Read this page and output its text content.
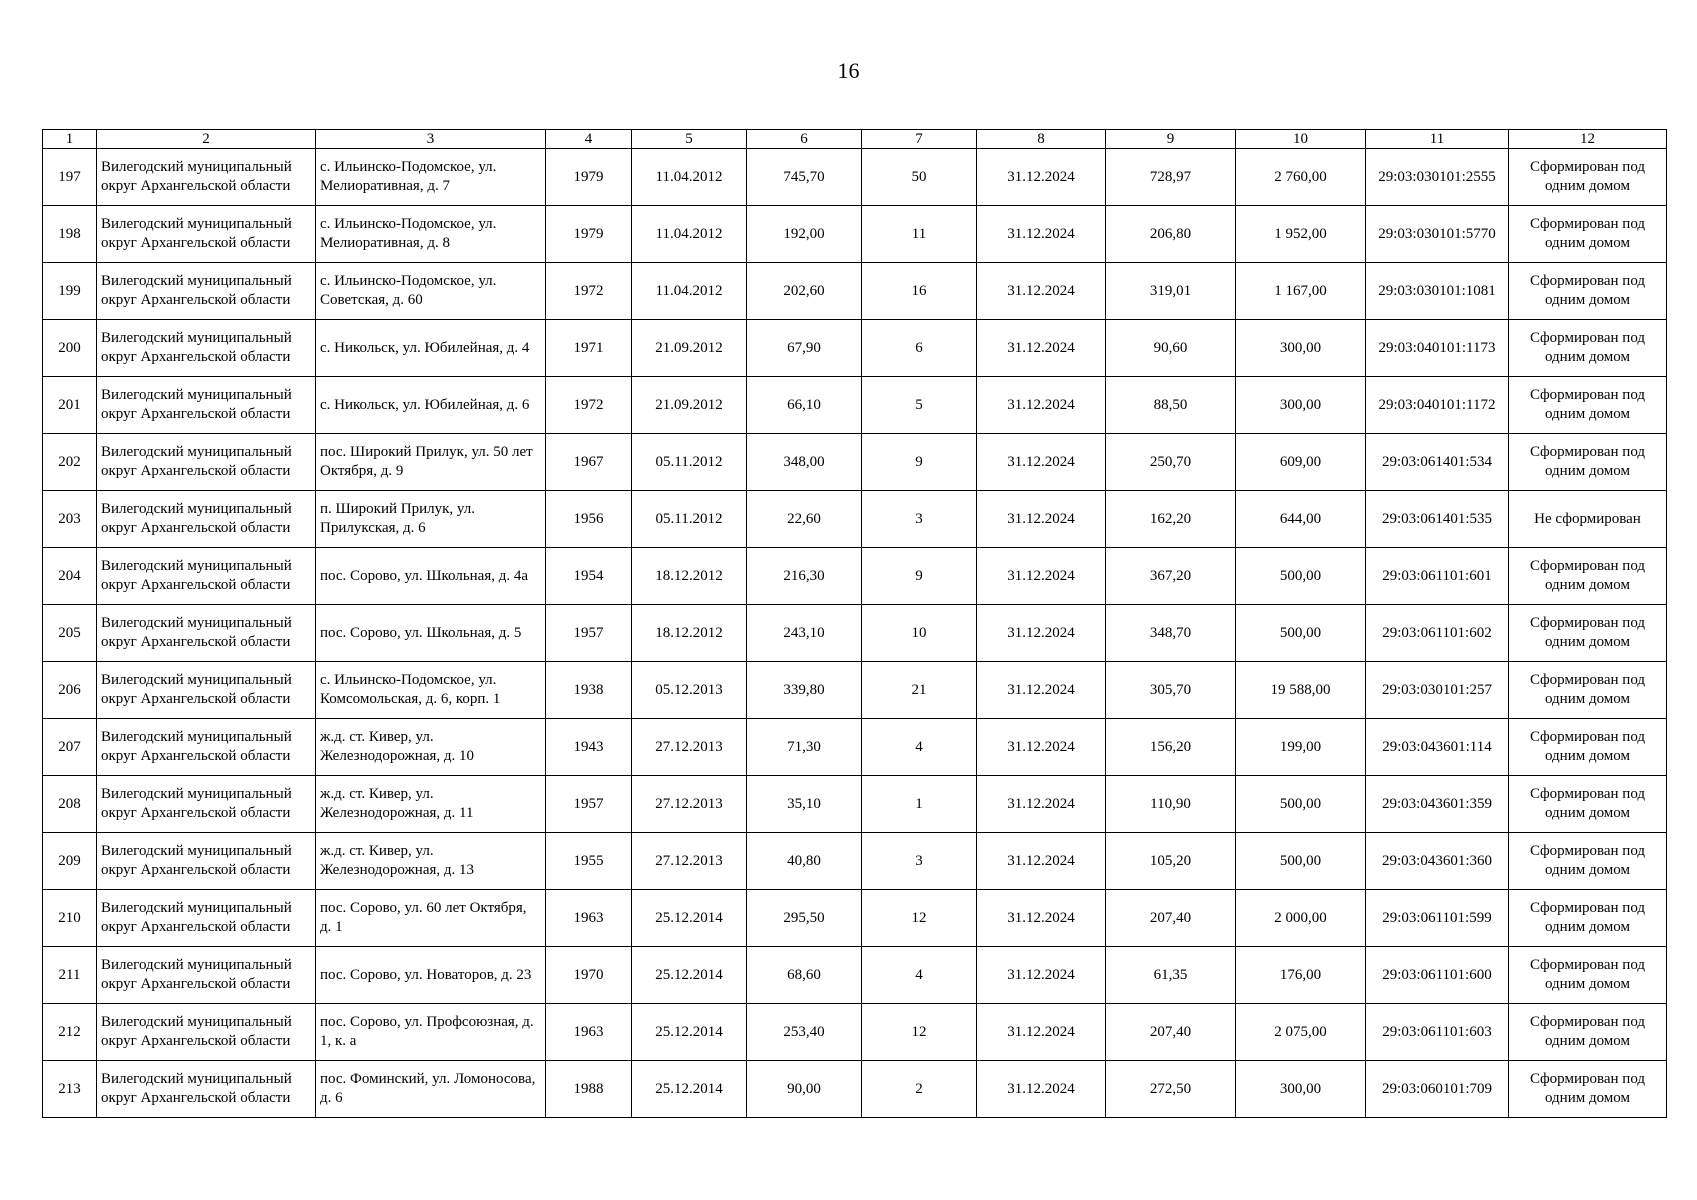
16
1	2	3	4	5	6	7	8	9	10	11	12
197	Вилегодский муниципальный округ Архангельской области	с. Ильинско-Подомское, ул. Мелиоративная, д. 7	1979	11.04.2012	745,70	50	31.12.2024	728,97	2 760,00	29:03:030101:2555	Сформирован под одним домом
198	Вилегодский муниципальный округ Архангельской области	с. Ильинско-Подомское, ул. Мелиоративная, д. 8	1979	11.04.2012	192,00	11	31.12.2024	206,80	1 952,00	29:03:030101:5770	Сформирован под одним домом
199	Вилегодский муниципальный округ Архангельской области	с. Ильинско-Подомское, ул. Советская, д. 60	1972	11.04.2012	202,60	16	31.12.2024	319,01	1 167,00	29:03:030101:1081	Сформирован под одним домом
200	Вилегодский муниципальный округ Архангельской области	с. Никольск, ул. Юбилейная, д. 4	1971	21.09.2012	67,90	6	31.12.2024	90,60	300,00	29:03:040101:1173	Сформирован под одним домом
201	Вилегодский муниципальный округ Архангельской области	с. Никольск, ул. Юбилейная, д. 6	1972	21.09.2012	66,10	5	31.12.2024	88,50	300,00	29:03:040101:1172	Сформирован под одним домом
202	Вилегодский муниципальный округ Архангельской области	пос. Широкий Прилук, ул. 50 лет Октября, д. 9	1967	05.11.2012	348,00	9	31.12.2024	250,70	609,00	29:03:061401:534	Сформирован под одним домом
203	Вилегодский муниципальный округ Архангельской области	п. Широкий Прилук, ул. Прилукская, д. 6	1956	05.11.2012	22,60	3	31.12.2024	162,20	644,00	29:03:061401:535	Не сформирован
204	Вилегодский муниципальный округ Архангельской области	пос. Сорово, ул. Школьная, д. 4а	1954	18.12.2012	216,30	9	31.12.2024	367,20	500,00	29:03:061101:601	Сформирован под одним домом
205	Вилегодский муниципальный округ Архангельской области	пос. Сорово, ул. Школьная, д. 5	1957	18.12.2012	243,10	10	31.12.2024	348,70	500,00	29:03:061101:602	Сформирован под одним домом
206	Вилегодский муниципальный округ Архангельской области	с. Ильинско-Подомское, ул. Комсомольская, д. 6, корп. 1	1938	05.12.2013	339,80	21	31.12.2024	305,70	19 588,00	29:03:030101:257	Сформирован под одним домом
207	Вилегодский муниципальный округ Архангельской области	ж.д. ст. Кивер, ул. Железнодорожная, д. 10	1943	27.12.2013	71,30	4	31.12.2024	156,20	199,00	29:03:043601:114	Сформирован под одним домом
208	Вилегодский муниципальный округ Архангельской области	ж.д. ст. Кивер, ул. Железнодорожная, д. 11	1957	27.12.2013	35,10	1	31.12.2024	110,90	500,00	29:03:043601:359	Сформирован под одним домом
209	Вилегодский муниципальный округ Архангельской области	ж.д. ст. Кивер, ул. Железнодорожная, д. 13	1955	27.12.2013	40,80	3	31.12.2024	105,20	500,00	29:03:043601:360	Сформирован под одним домом
210	Вилегодский муниципальный округ Архангельской области	пос. Сорово, ул. 60 лет Октября, д. 1	1963	25.12.2014	295,50	12	31.12.2024	207,40	2 000,00	29:03:061101:599	Сформирован под одним домом
211	Вилегодский муниципальный округ Архангельской области	пос. Сорово, ул. Новаторов, д. 23	1970	25.12.2014	68,60	4	31.12.2024	61,35	176,00	29:03:061101:600	Сформирован под одним домом
212	Вилегодский муниципальный округ Архангельской области	пос. Сорово, ул. Профсоюзная, д. 1, к. а	1963	25.12.2014	253,40	12	31.12.2024	207,40	2 075,00	29:03:061101:603	Сформирован под одним домом
213	Вилегодский муниципальный округ Архангельской области	пос. Фоминский, ул. Ломоносова, д. 6	1988	25.12.2014	90,00	2	31.12.2024	272,50	300,00	29:03:060101:709	Сформирован под одним домом
